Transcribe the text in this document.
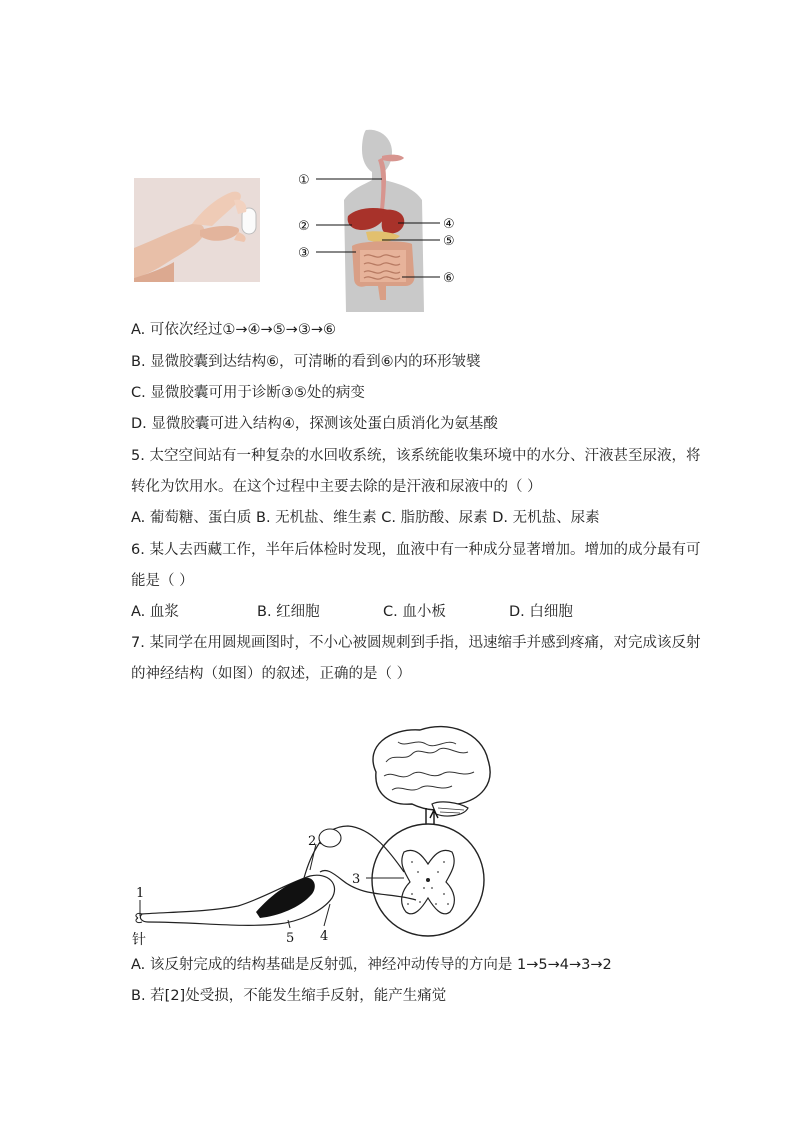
①
②
③
④
⑤
⑥
A. 可依次经过①→④→⑤→③→⑥
B. 显微胶囊到达结构⑥，可清晰的看到⑥内的环形皱襞
C. 显微胶囊可用于诊断③⑤处的病变
D. 显微胶囊可进入结构④，探测该处蛋白质消化为氨基酸
5. 太空空间站有一种复杂的水回收系统，该系统能收集环境中的水分、汗液甚至尿液，将
转化为饮用水。在这个过程中主要去除的是汗液和尿液中的（ ）
A. 葡萄糖、蛋白质 B. 无机盐、维生素 C. 脂肪酸、尿素 D. 无机盐、尿素
6. 某人去西藏工作，半年后体检时发现，血液中有一种成分显著增加。增加的成分最有可
能是（ ）
A. 血浆	B. 红细胞	C. 血小板	D. 白细胞
7. 某同学在用圆规画图时，不小心被圆规刺到手指，迅速缩手并感到疼痛，对完成该反射
的神经结构（如图）的叙述，正确的是（ ）
1
2
3
4
5
针
A. 该反射完成的结构基础是反射弧，神经冲动传导的方向是 1→5→4→3→2
B. 若[2]处受损，不能发生缩手反射，能产生痛觉
